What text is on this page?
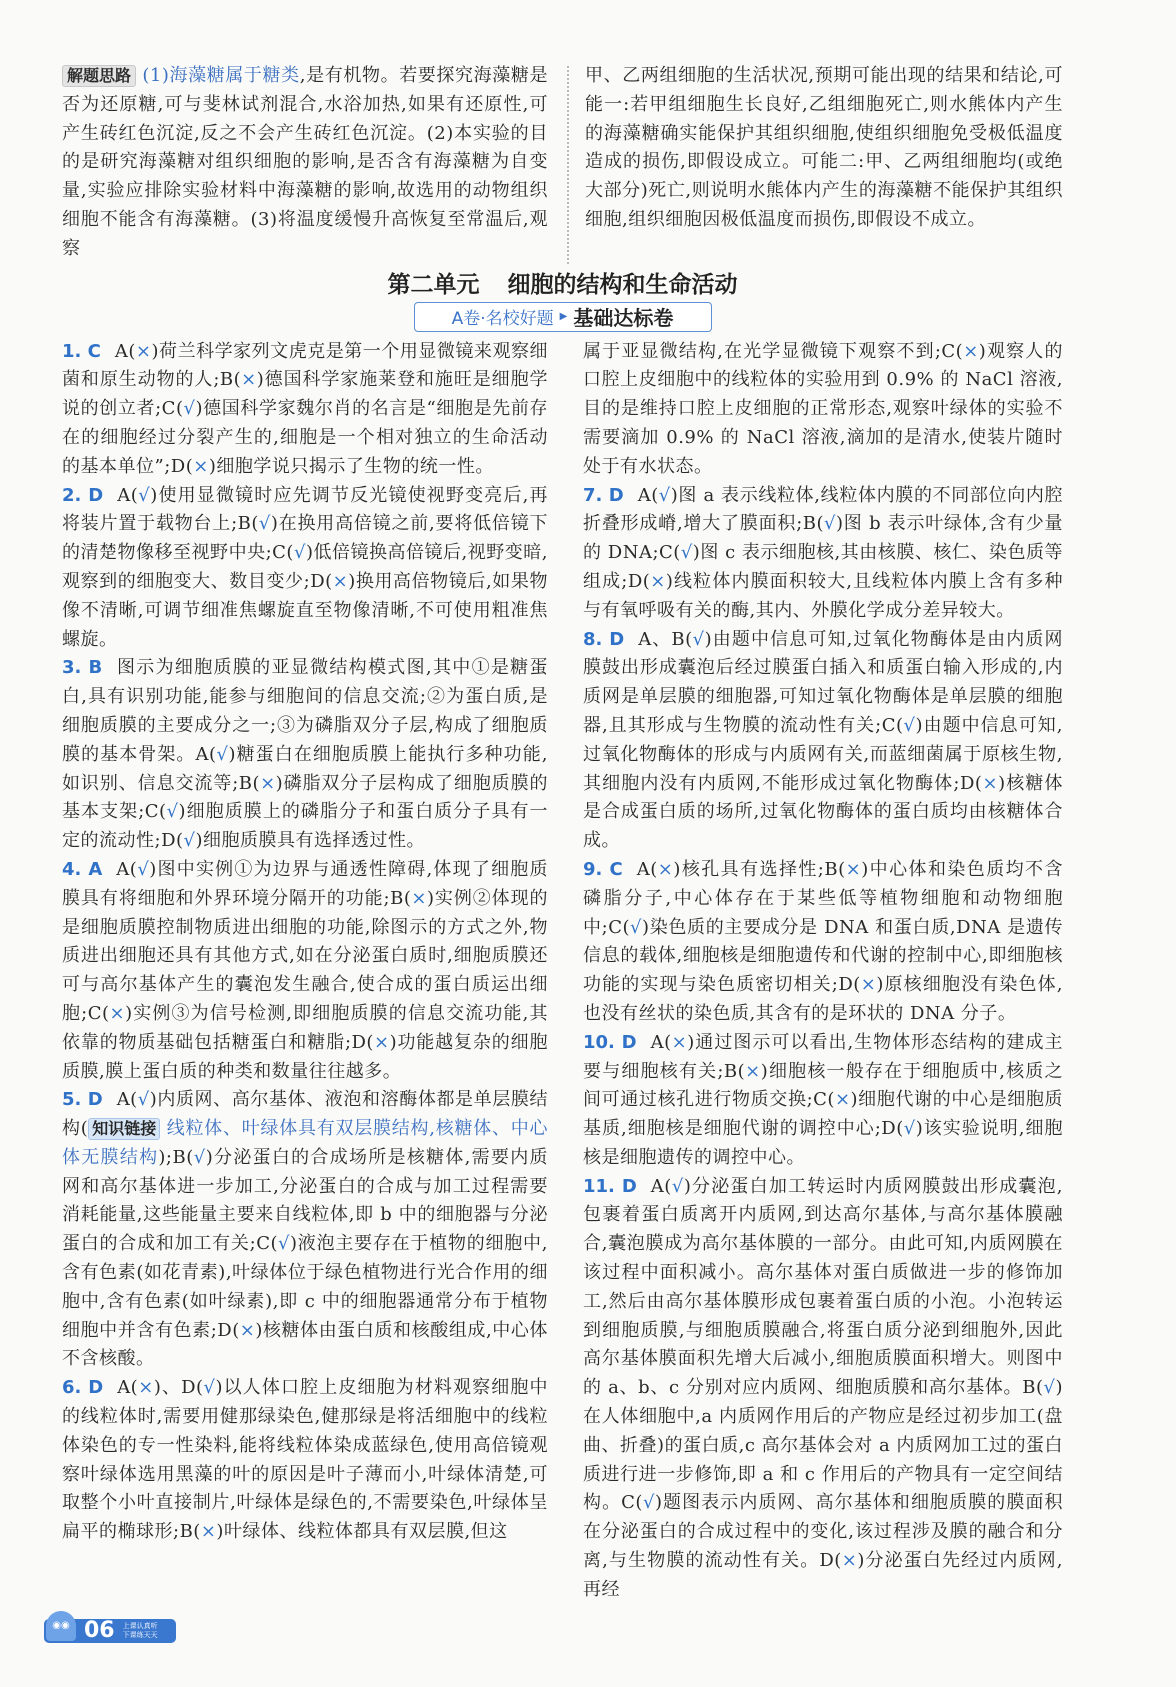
解题思路 (1)海藻糖属于糖类,是有机物。若要探究海藻糖是否为还原糖,可与斐林试剂混合,水浴加热,如果有还原性,可产生砖红色沉淀,反之不会产生砖红色沉淀。(2)本实验的目的是研究海藻糖对组织细胞的影响,是否含有海藻糖为自变量,实验应排除实验材料中海藻糖的影响,故选用的动物组织细胞不能含有海藻糖。(3)将温度缓慢升高恢复至常温后,观察
甲、乙两组细胞的生活状况,预期可能出现的结果和结论,可能一:若甲组细胞生长良好,乙组细胞死亡,则水熊体内产生的海藻糖确实能保护其组织细胞,使组织细胞免受极低温度造成的损伤,即假设成立。可能二:甲、乙两组细胞均(或绝大部分)死亡,则说明水熊体内产生的海藻糖不能保护其组织细胞,组织细胞因极低温度而损伤,即假设不成立。
第二单元 细胞的结构和生命活动
A卷·名校好题 ▶ 基础达标卷

1. C A(×)荷兰科学家列文虎克是第一个用显微镜来观察细菌和原生动物的人;B(×)德国科学家施莱登和施旺是细胞学说的创立者;C(√)德国科学家魏尔肖的名言是“细胞是先前存在的细胞经过分裂产生的,细胞是一个相对独立的生命活动的基本单位”;D(×)细胞学说只揭示了生物的统一性。

2. D A(√)使用显微镜时应先调节反光镜使视野变亮后,再将装片置于载物台上;B(√)在换用高倍镜之前,要将低倍镜下的清楚物像移至视野中央;C(√)低倍镜换高倍镜后,视野变暗,观察到的细胞变大、数目变少;D(×)换用高倍物镜后,如果物像不清晰,可调节细准焦螺旋直至物像清晰,不可使用粗准焦螺旋。

3. B 图示为细胞质膜的亚显微结构模式图,其中①是糖蛋白,具有识别功能,能参与细胞间的信息交流;②为蛋白质,是细胞质膜的主要成分之一;③为磷脂双分子层,构成了细胞质膜的基本骨架。A(√)糖蛋白在细胞质膜上能执行多种功能,如识别、信息交流等;B(×)磷脂双分子层构成了细胞质膜的基本支架;C(√)细胞质膜上的磷脂分子和蛋白质分子具有一定的流动性;D(√)细胞质膜具有选择透过性。

4. A A(√)图中实例①为边界与通透性障碍,体现了细胞质膜具有将细胞和外界环境分隔开的功能;B(×)实例②体现的是细胞质膜控制物质进出细胞的功能,除图示的方式之外,物质进出细胞还具有其他方式,如在分泌蛋白质时,细胞质膜还可与高尔基体产生的囊泡发生融合,使合成的蛋白质运出细胞;C(×)实例③为信号检测,即细胞质膜的信息交流功能,其依靠的物质基础包括糖蛋白和糖脂;D(×)功能越复杂的细胞质膜,膜上蛋白质的种类和数量往往越多。

5. D A(√)内质网、高尔基体、液泡和溶酶体都是单层膜结构( 知识链接 线粒体、叶绿体具有双层膜结构,核糖体、中心体无膜结构);B(√)分泌蛋白的合成场所是核糖体,需要内质网和高尔基体进一步加工,分泌蛋白的合成与加工过程需要消耗能量,这些能量主要来自线粒体,即 b 中的细胞器与分泌蛋白的合成和加工有关;C(√)液泡主要存在于植物的细胞中,含有色素(如花青素),叶绿体位于绿色植物进行光合作用的细胞中,含有色素(如叶绿素),即 c 中的细胞器通常分布于植物细胞中并含有色素;D(×)核糖体由蛋白质和核酸组成,中心体不含核酸。

6. D A(×)、D(√)以人体口腔上皮细胞为材料观察细胞中的线粒体时,需要用健那绿染色,健那绿是将活细胞中的线粒体染色的专一性染料,能将线粒体染成蓝绿色,使用高倍镜观察叶绿体选用黑藻的叶的原因是叶子薄而小,叶绿体清楚,可取整个小叶直接制片,叶绿体是绿色的,不需要染色,叶绿体呈扁平的椭球形;B(×)叶绿体、线粒体都具有双层膜,但这

属于亚显微结构,在光学显微镜下观察不到;C(×)观察人的口腔上皮细胞中的线粒体的实验用到 0.9% 的 NaCl 溶液,目的是维持口腔上皮细胞的正常形态,观察叶绿体的实验不需要滴加 0.9% 的 NaCl 溶液,滴加的是清水,使装片随时处于有水状态。

7. D A(√)图 a 表示线粒体,线粒体内膜的不同部位向内腔折叠形成嵴,增大了膜面积;B(√)图 b 表示叶绿体,含有少量的 DNA;C(√)图 c 表示细胞核,其由核膜、核仁、染色质等组成;D(×)线粒体内膜面积较大,且线粒体内膜上含有多种与有氧呼吸有关的酶,其内、外膜化学成分差异较大。

8. D A、B(√)由题中信息可知,过氧化物酶体是由内质网膜鼓出形成囊泡后经过膜蛋白插入和质蛋白输入形成的,内质网是单层膜的细胞器,可知过氧化物酶体是单层膜的细胞器,且其形成与生物膜的流动性有关;C(√)由题中信息可知,过氧化物酶体的形成与内质网有关,而蓝细菌属于原核生物,其细胞内没有内质网,不能形成过氧化物酶体;D(×)核糖体是合成蛋白质的场所,过氧化物酶体的蛋白质均由核糖体合成。

9. C A(×)核孔具有选择性;B(×)中心体和染色质均不含磷脂分子,中心体存在于某些低等植物细胞和动物细胞中;C(√)染色质的主要成分是 DNA 和蛋白质,DNA 是遗传信息的载体,细胞核是细胞遗传和代谢的控制中心,即细胞核功能的实现与染色质密切相关;D(×)原核细胞没有染色体,也没有丝状的染色质,其含有的是环状的 DNA 分子。

10. D A(×)通过图示可以看出,生物体形态结构的建成主要与细胞核有关;B(×)细胞核一般存在于细胞质中,核质之间可通过核孔进行物质交换;C(×)细胞代谢的中心是细胞质基质,细胞核是细胞代谢的调控中心;D(√)该实验说明,细胞核是细胞遗传的调控中心。

11. D A(√)分泌蛋白加工转运时内质网膜鼓出形成囊泡,包裹着蛋白质离开内质网,到达高尔基体,与高尔基体膜融合,囊泡膜成为高尔基体膜的一部分。由此可知,内质网膜在该过程中面积减小。高尔基体对蛋白质做进一步的修饰加工,然后由高尔基体膜形成包裹着蛋白质的小泡。小泡转运到细胞质膜,与细胞质膜融合,将蛋白质分泌到细胞外,因此高尔基体膜面积先增大后减小,细胞质膜面积增大。则图中的 a、b、c 分别对应内质网、细胞质膜和高尔基体。B(√)在人体细胞中,a 内质网作用后的产物应是经过初步加工(盘曲、折叠)的蛋白质,c 高尔基体会对 a 内质网加工过的蛋白质进行进一步修饰,即 a 和 c 作用后的产物具有一定空间结构。C(√)题图表示内质网、高尔基体和细胞质膜的膜面积在分泌蛋白的合成过程中的变化,该过程涉及膜的融合和分离,与生物膜的流动性有关。D(×)分泌蛋白先经过内质网,再经

◉◉ 06 上课认真听
下课练天天
